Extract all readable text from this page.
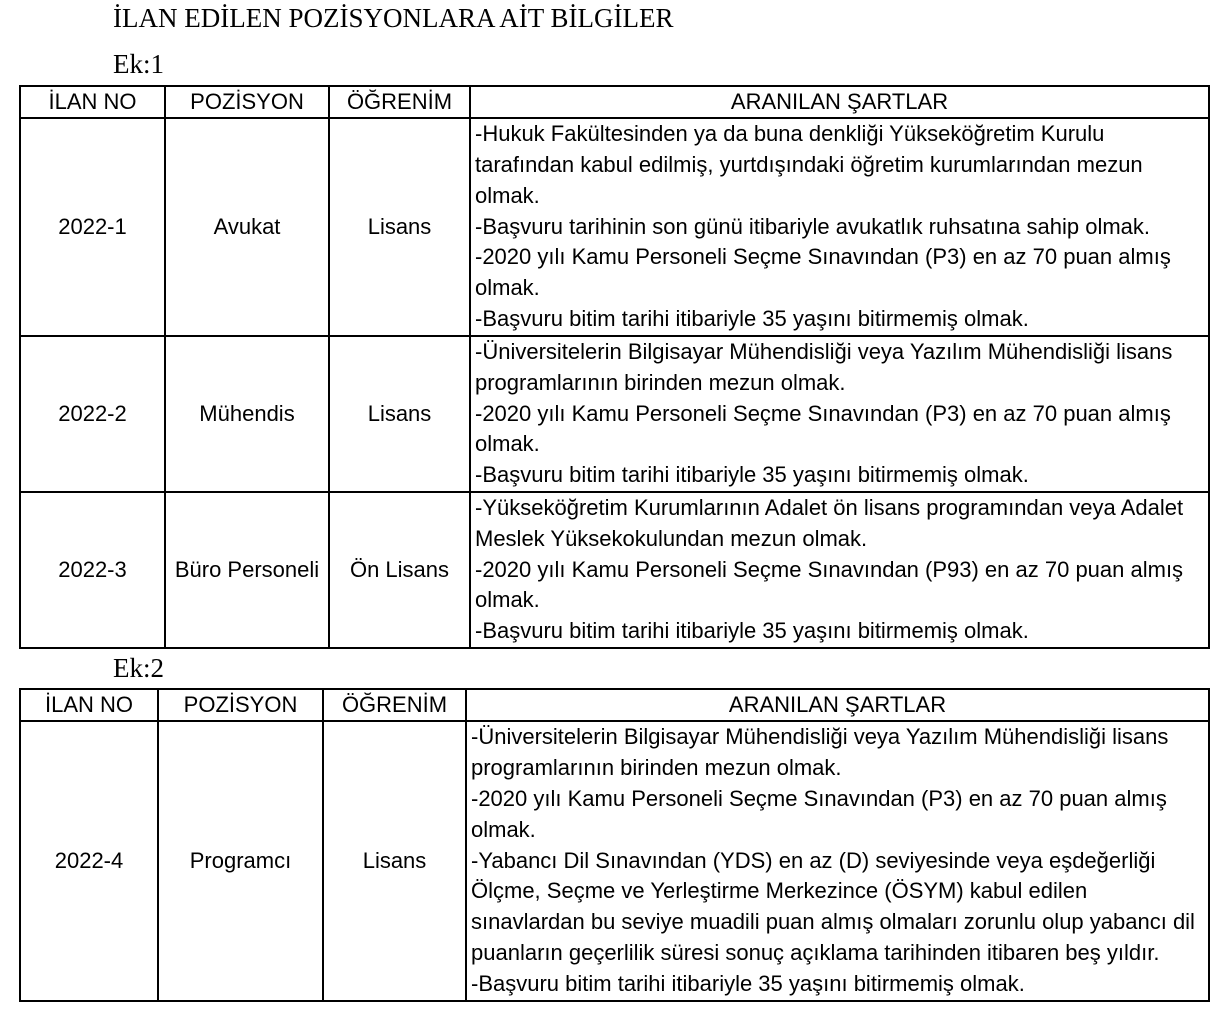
İLAN EDİLEN POZİSYONLARA AİT BİLGİLER
Ek:1
İLAN NO	POZİSYON	ÖĞRENİM	ARANILAN ŞARTLAR
2022-1	Avukat	Lisans	-Hukuk Fakültesinden ya da buna denkliği Yükseköğretim Kurulu tarafından kabul edilmiş, yurtdışındaki öğretim kurumlarından mezun olmak.
-Başvuru tarihinin son günü itibariyle avukatlık ruhsatına sahip olmak.
-2020 yılı Kamu Personeli Seçme Sınavından (P3) en az 70 puan almış olmak.
-Başvuru bitim tarihi itibariyle 35 yaşını bitirmemiş olmak.

2022-2	Mühendis	Lisans	-Üniversitelerin Bilgisayar Mühendisliği veya Yazılım Mühendisliği lisans programlarının birinden mezun olmak.
-2020 yılı Kamu Personeli Seçme Sınavından (P3) en az 70 puan almış olmak.
-Başvuru bitim tarihi itibariyle 35 yaşını bitirmemiş olmak.

2022-3	Büro Personeli	Ön Lisans	-Yükseköğretim Kurumlarının Adalet ön lisans programından veya Adalet Meslek Yüksekokulundan mezun olmak.
-2020 yılı Kamu Personeli Seçme Sınavından (P93) en az 70 puan almış olmak.
-Başvuru bitim tarihi itibariyle 35 yaşını bitirmemiş olmak.
Ek:2
İLAN NO	POZİSYON	ÖĞRENİM	ARANILAN ŞARTLAR
2022-4	Programcı	Lisans	-Üniversitelerin Bilgisayar Mühendisliği veya Yazılım Mühendisliği lisans programlarının birinden mezun olmak.
-2020 yılı Kamu Personeli Seçme Sınavından (P3) en az 70 puan almış olmak.
-Yabancı Dil Sınavından (YDS) en az (D) seviyesinde veya eşdeğerliği Ölçme, Seçme ve Yerleştirme Merkezince (ÖSYM) kabul edilen sınavlardan bu seviye muadili puan almış olmaları zorunlu olup yabancı dil puanların geçerlilik süresi sonuç açıklama tarihinden itibaren beş yıldır.
-Başvuru bitim tarihi itibariyle 35 yaşını bitirmemiş olmak.
